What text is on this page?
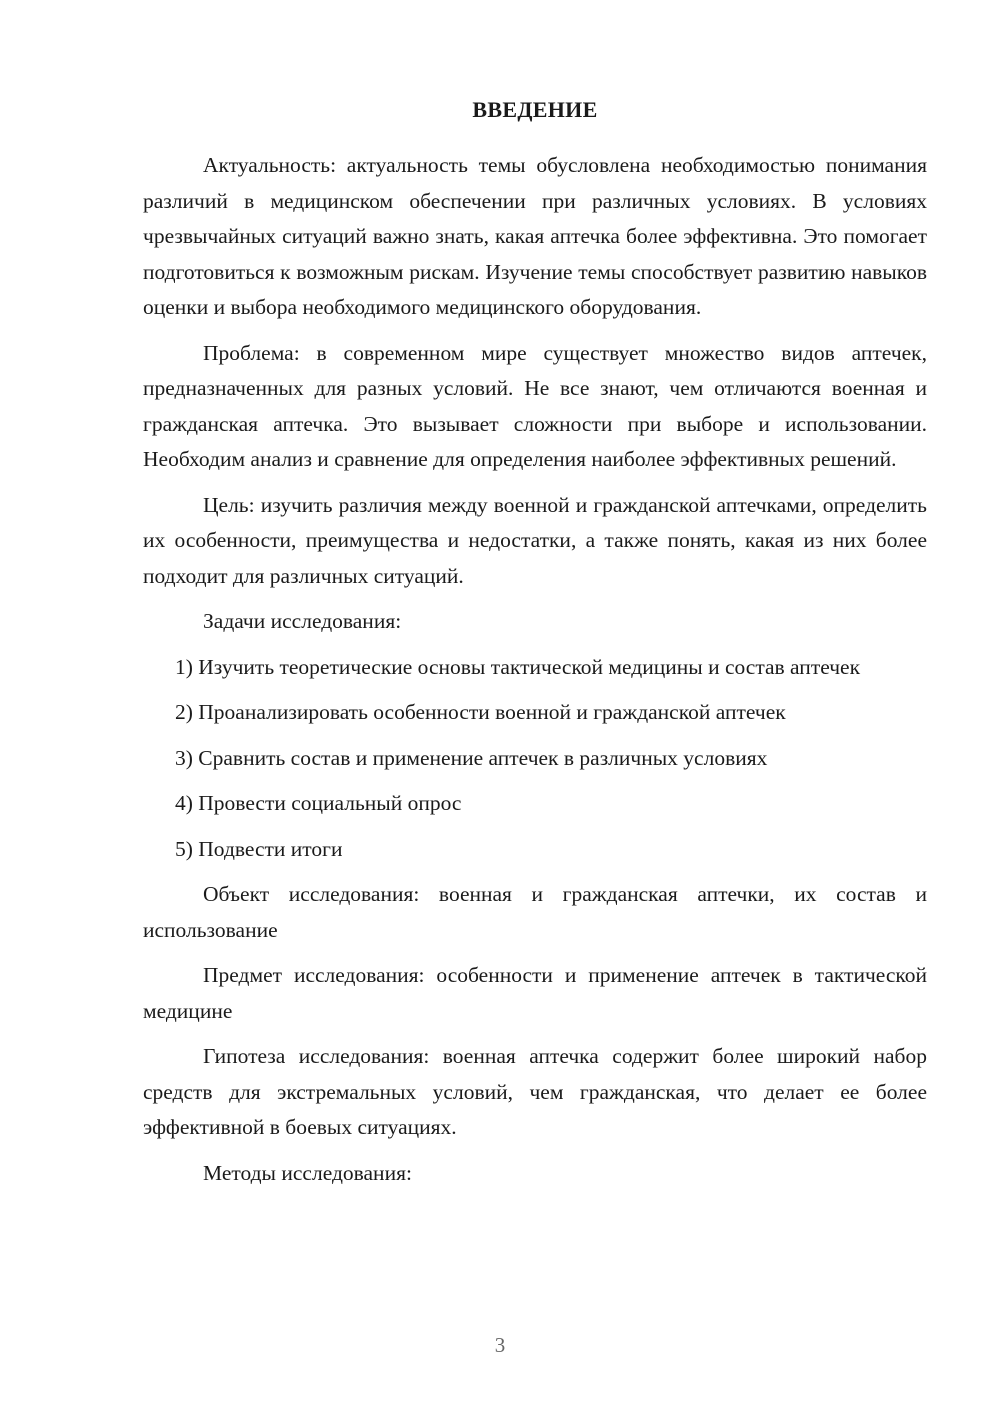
ВВЕДЕНИЕ

Актуальность: актуальность темы обусловлена необходимостью понимания различий в медицинском обеспечении при различных условиях. В условиях чрезвычайных ситуаций важно знать, какая аптечка более эффективна. Это помогает подготовиться к возможным рискам. Изучение темы способствует развитию навыков оценки и выбора необходимого медицинского оборудования.

Проблема: в современном мире существует множество видов аптечек, предназначенных для разных условий. Не все знают, чем отличаются военная и гражданская аптечка. Это вызывает сложности при выборе и использовании. Необходим анализ и сравнение для определения наиболее эффективных решений.

Цель: изучить различия между военной и гражданской аптечками, определить их особенности, преимущества и недостатки, а также понять, какая из них более подходит для различных ситуаций.

Задачи исследования:

1) Изучить теоретические основы тактической медицины и состав аптечек

2) Проанализировать особенности военной и гражданской аптечек

3) Сравнить состав и применение аптечек в различных условиях

4) Провести социальный опрос

5) Подвести итоги

Объект исследования: военная и гражданская аптечки, их состав и использование

Предмет исследования: особенности и применение аптечек в тактической медицине

Гипотеза исследования: военная аптечка содержит более широкий набор средств для экстремальных условий, чем гражданская, что делает ее более эффективной в боевых ситуациях.

Методы исследования:

3
